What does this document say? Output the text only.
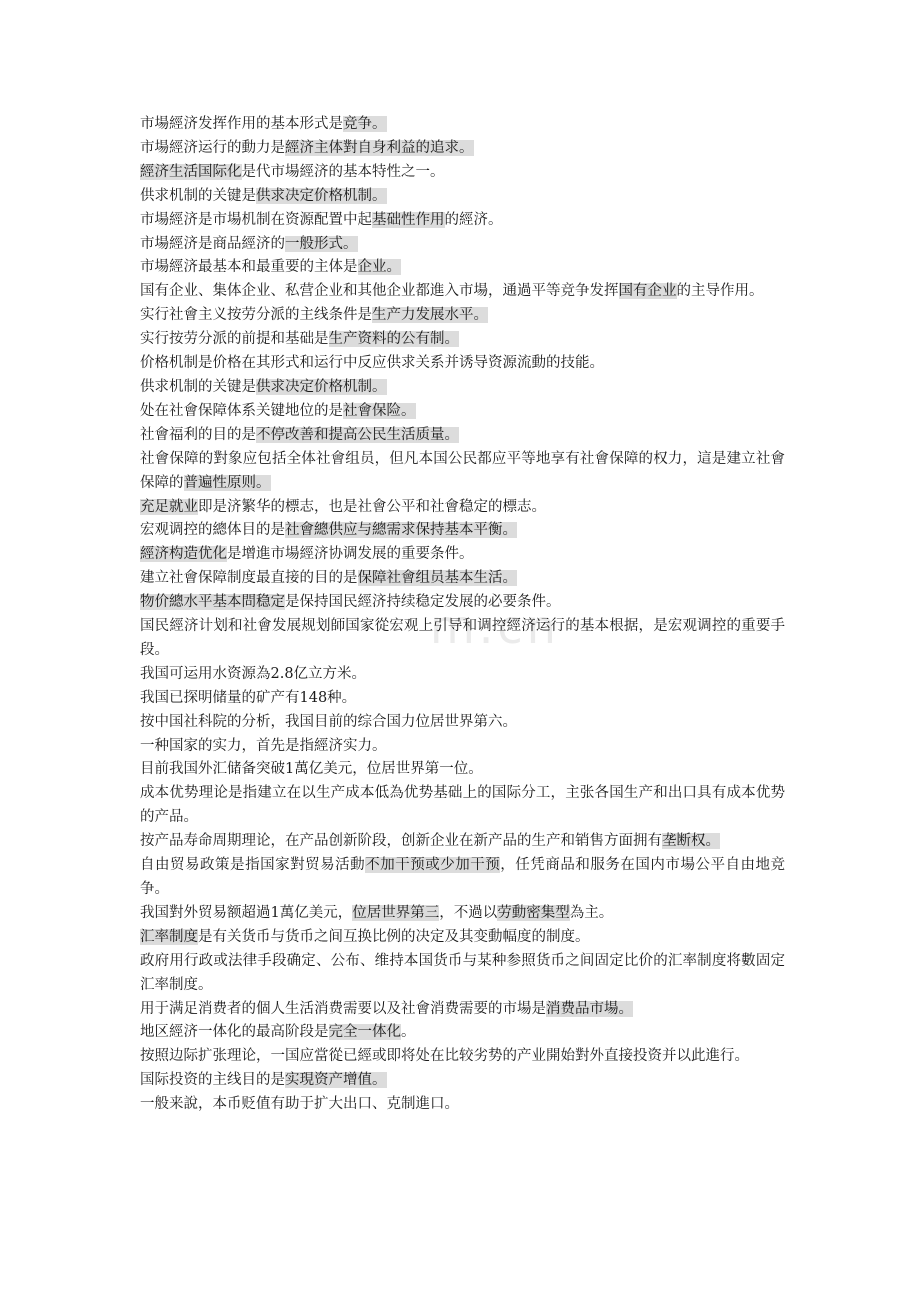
m.cn

市場經济发挥作用的基本形式是竞争。

市場經济运行的動力是經济主体對自身利益的追求。

經济生活国际化是代市場經济的基本特性之一。

供求机制的关键是供求决定价格机制。

市場經济是市場机制在资源配置中起基础性作用的經济。

市場經济是商品經济的一般形式。

市場經济最基本和最重要的主体是企业。

国有企业、集体企业、私营企业和其他企业都進入市場，通過平等竞争发挥国有企业的主导作用。

实行社會主义按劳分派的主线条件是生产力发展水平。

实行按劳分派的前提和基础是生产资料的公有制。

价格机制是价格在其形式和运行中反应供求关系并诱导资源流動的技能。

供求机制的关键是供求决定价格机制。

处在社會保障体系关键地位的是社會保险。

社會福利的目的是不停改善和提高公民生活质量。

社會保障的對象应包括全体社會组员，但凡本国公民都应平等地享有社會保障的权力，這是建立社會保障的普遍性原则。

充足就业即是济繁华的標志，也是社會公平和社會稳定的標志。

宏观调控的總体目的是社會總供应与總需求保持基本平衡。

經济构造优化是增進市場經济协调发展的重要条件。

建立社會保障制度最直接的目的是保障社會组员基本生活。

物价總水平基本問稳定是保持国民經济持续稳定发展的必要条件。

国民經济计划和社會发展规划師国家從宏观上引导和调控經济运行的基本根据，是宏观调控的重要手段。

我国可运用水资源為2.8亿立方米。

我国已探明储量的矿产有148种。

按中国社科院的分析，我国目前的综合国力位居世界第六。

一种国家的实力，首先是指經济实力。

目前我国外汇储备突破1萬亿美元，位居世界第一位。

成本优势理论是指建立在以生产成本低為优势基础上的国际分工，主张各国生产和出口具有成本优势的产品。

按产品寿命周期理论，在产品创新阶段，创新企业在新产品的生产和销售方面拥有垄断权。

自由贸易政策是指国家對贸易活動不加干预或少加干预，任凭商品和服务在国内市場公平自由地竞争。

我国對外贸易额超過1萬亿美元，位居世界第三，不過以劳動密集型為主。

汇率制度是有关货币与货币之间互换比例的决定及其变動幅度的制度。

政府用行政或法律手段确定、公布、维持本国货币与某种参照货币之间固定比价的汇率制度将數固定汇率制度。

用于满足消费者的個人生活消费需要以及社會消费需要的市場是消费品市場。

地区經济一体化的最高阶段是完全一体化。

按照边际扩张理论，一国应當從已經或即将处在比较劣势的产业開始對外直接投资并以此進行。

国际投资的主线目的是实現资产增值。

一般来說，本币贬值有助于扩大出口、克制進口。
